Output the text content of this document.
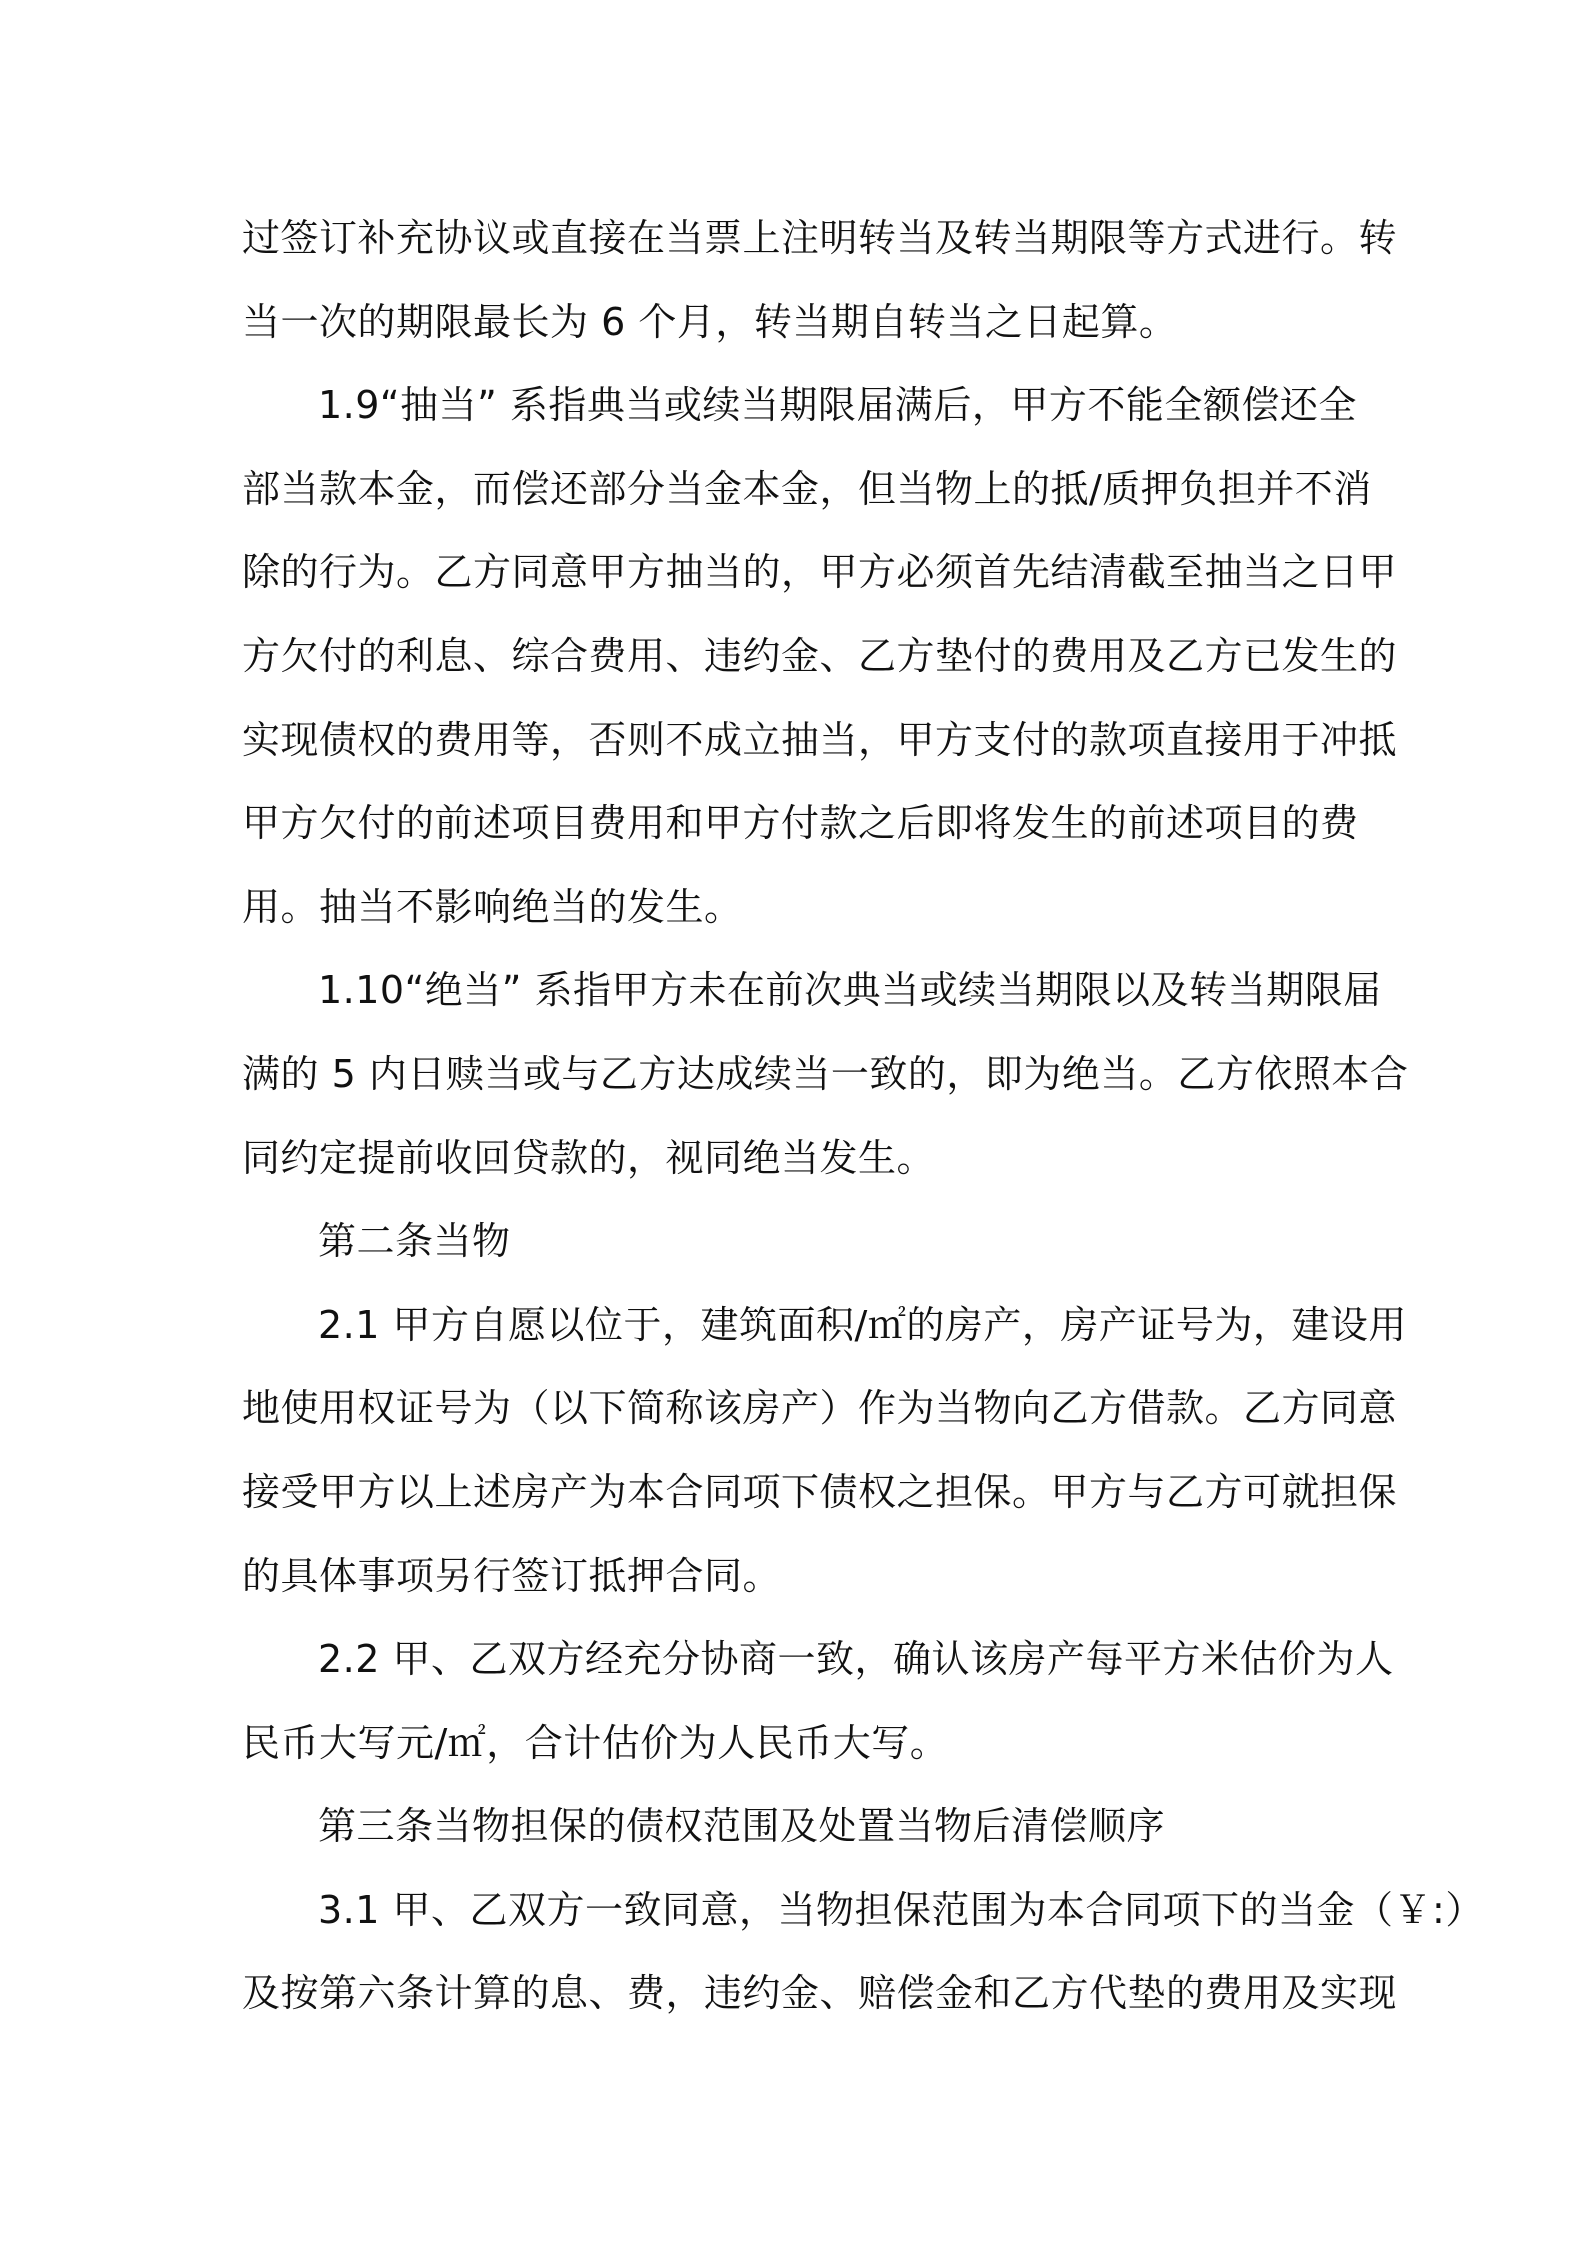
过签订补充协议或直接在当票上注明转当及转当期限等方式进行。转
当一次的期限最长为 6 个月，转当期自转当之日起算。
1.9“抽当” 系指典当或续当期限届满后，甲方不能全额偿还全
部当款本金，而偿还部分当金本金，但当物上的抵/质押负担并不消
除的行为。乙方同意甲方抽当的，甲方必须首先结清截至抽当之日甲
方欠付的利息、综合费用、违约金、乙方垫付的费用及乙方已发生的
实现债权的费用等，否则不成立抽当，甲方支付的款项直接用于冲抵
甲方欠付的前述项目费用和甲方付款之后即将发生的前述项目的费
用。抽当不影响绝当的发生。
1.10“绝当” 系指甲方未在前次典当或续当期限以及转当期限届
满的 5 内日赎当或与乙方达成续当一致的，即为绝当。乙方依照本合
同约定提前收回贷款的，视同绝当发生。
第二条当物
2.1 甲方自愿以位于，建筑面积/㎡的房产，房产证号为，建设用
地使用权证号为（以下简称该房产）作为当物向乙方借款。乙方同意
接受甲方以上述房产为本合同项下债权之担保。甲方与乙方可就担保
的具体事项另行签订抵押合同。
2.2 甲、乙双方经充分协商一致，确认该房产每平方米估价为人
民币大写元/㎡，合计估价为人民币大写。
第三条当物担保的债权范围及处置当物后清偿顺序
3.1 甲、乙双方一致同意，当物担保范围为本合同项下的当金（￥:）
及按第六条计算的息、费，违约金、赔偿金和乙方代垫的费用及实现
